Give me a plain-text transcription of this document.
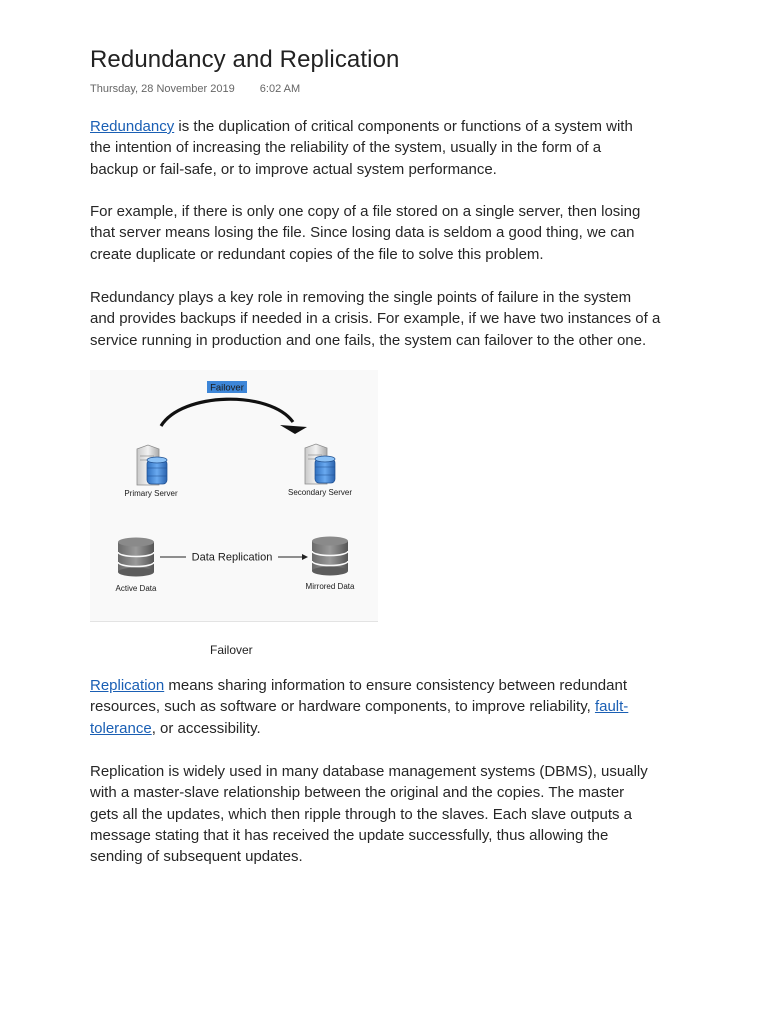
Redundancy and Replication
Thursday, 28 November 2019 6:02 AM
Redundancy is the duplication of critical components or functions of a system with
the intention of increasing the reliability of the system, usually in the form of a
backup or fail-safe, or to improve actual system performance.
For example, if there is only one copy of a file stored on a single server, then losing
that server means losing the file. Since losing data is seldom a good thing, we can
create duplicate or redundant copies of the file to solve this problem.
Redundancy plays a key role in removing the single points of failure in the system
and provides backups if needed in a crisis. For example, if we have two instances of a
service running in production and one fails, the system can failover to the other one.
Failover
Primary Server	Secondary Server
Active Data
Data Replication
Mirrored Data
Failover
Replication means sharing information to ensure consistency between redundant
resources, such as software or hardware components, to improve reliability, fault-
tolerance, or accessibility.
Replication is widely used in many database management systems (DBMS), usually
with a master-slave relationship between the original and the copies. The master
gets all the updates, which then ripple through to the slaves. Each slave outputs a
message stating that it has received the update successfully, thus allowing the
sending of subsequent updates.
